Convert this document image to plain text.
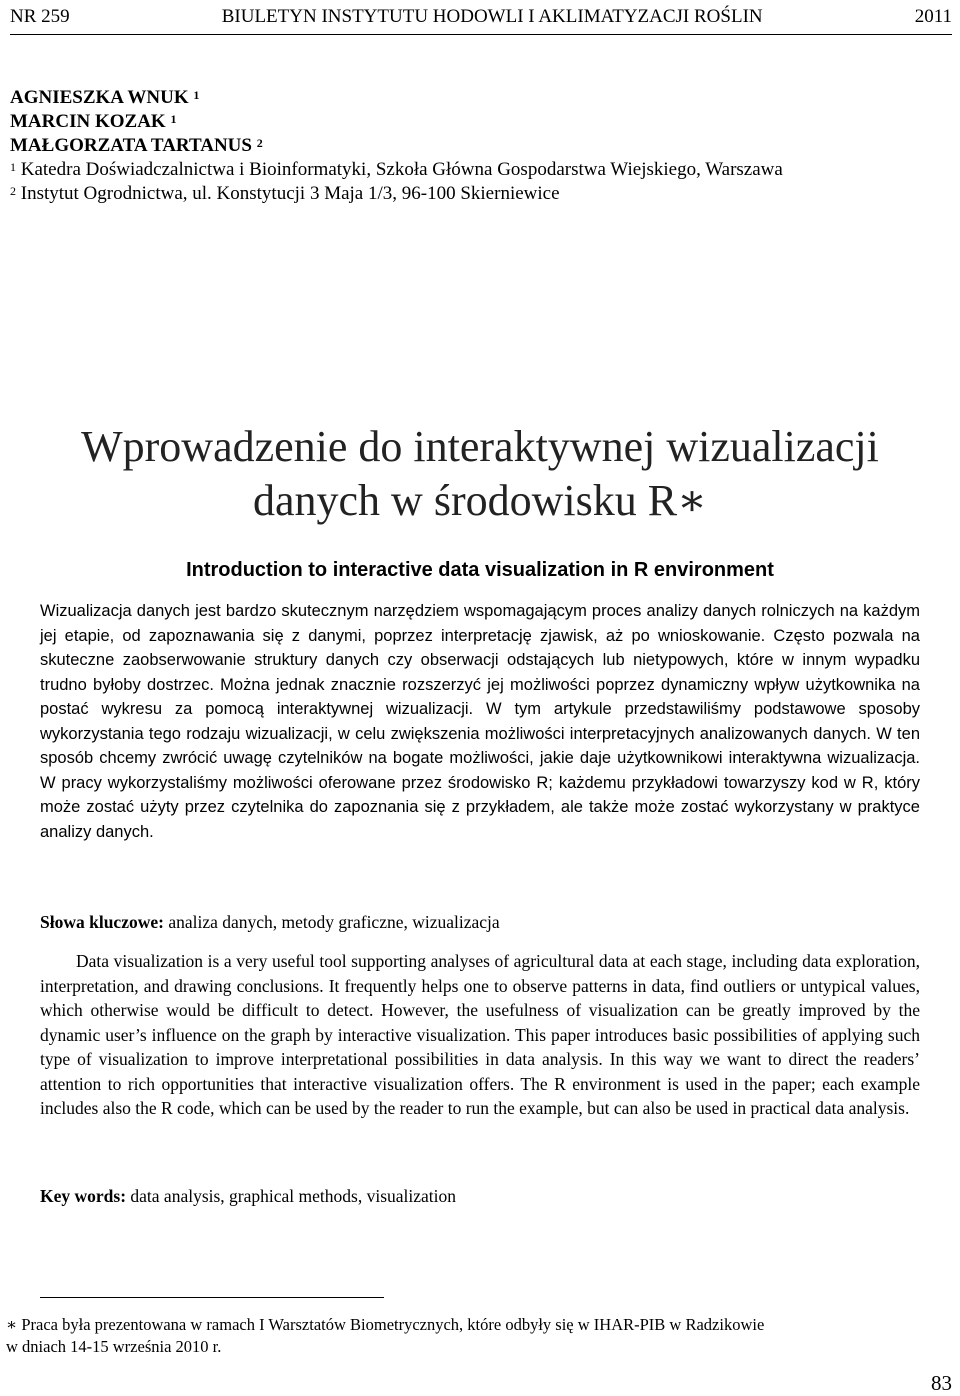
NR 259	BIULETYN INSTYTUTU HODOWLI I AKLIMATYZACJI ROŚLIN	2011
AGNIESZKA WNUK $^1$
MARCIN KOZAK $^1$
MAŁGORZATA TARTANUS $^2$
$^1$ Katedra Doświadczalnictwa i Bioinformatyki, Szkoła Główna Gospodarstwa Wiejskiego, Warszawa
$^2$ Instytut Ogrodnictwa, ul. Konstytucji 3 Maja 1/3, 96-100 Skierniewice
Wprowadzenie do interaktywnej wizualizacji
danych w środowisku R∗
Introduction to interactive data visualization in R environment

Wizualizacja danych jest bardzo skutecznym narzędziem wspomagającym proces analizy danych rolniczych na każdym jej etapie, od zapoznawania się z danymi, poprzez interpretację zjawisk, aż po wnioskowanie. Często pozwala na skuteczne zaobserwowanie struktury danych czy obserwacji odstających lub nietypowych, które w innym wypadku trudno byłoby dostrzec. Można jednak znacznie rozszerzyć jej możliwości poprzez dynamiczny wpływ użytkownika na postać wykresu za pomocą interaktywnej wizualizacji. W tym artykule przedstawiliśmy podstawowe sposoby wykorzystania tego rodzaju wizualizacji, w celu zwiększenia możliwości interpretacyjnych analizowanych danych. W ten sposób chcemy zwrócić uwagę czytelników na bogate możliwości, jakie daje użytkownikowi interaktywna wizualizacja. W pracy wykorzystaliśmy możliwości oferowane przez środowisko R; każdemu przykładowi towarzyszy kod w R, który może zostać użyty przez czytelnika do zapoznania się z przykładem, ale także może zostać wykorzystany w praktyce analizy danych.

Słowa kluczowe: analiza danych, metody graficzne, wizualizacja

Data visualization is a very useful tool supporting analyses of agricultural data at each stage, including data exploration, interpretation, and drawing conclusions. It frequently helps one to observe patterns in data, find outliers or untypical values, which otherwise would be difficult to detect. However, the usefulness of visualization can be greatly improved by the dynamic user’s influence on the graph by interactive visualization. This paper introduces basic possibilities of applying such type of visualization to improve interpretational possibilities in data analysis. In this way we want to direct the readers’ attention to rich opportunities that interactive visualization offers. The R environment is used in the paper; each example includes also the R code, which can be used by the reader to run the example, but can also be used in practical data analysis.

Key words: data analysis, graphical methods, visualization

∗ Praca była prezentowana w ramach I Warsztatów Biometrycznych, które odbyły się w IHAR-PIB w Radzikowie
w dniach 14-15 września 2010 r.

83
